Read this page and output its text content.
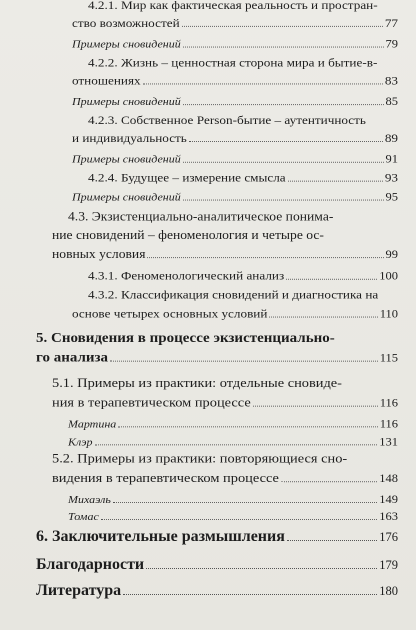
4.2.1. Мир как фактическая реальность и простран-
ство возможностей	77
Примеры сновидений	79
4.2.2. Жизнь – ценностная сторона мира и бытие-в-
отношениях	83
Примеры сновидений	85
4.2.3. Собственное Person-бытие – аутентичность
и индивидуальность	89
Примеры сновидений	91
4.2.4. Будущее – измерение смысла	93
Примеры сновидений	95
4.3. Экзистенциально-аналитическое понима-
ние сновидений – феноменология и четыре ос-
новных условия	99
4.3.1. Феноменологический анализ	100
4.3.2. Классификация сновидений и диагностика на
основе четырех основных условий	110
5. Сновидения в процессе экзистенциально-
го анализа	115
5.1. Примеры из практики: отдельные сновиде-
ния в терапевтическом процессе	116
Мартина	116
Клэр	131
5.2. Примеры из практики: повторяющиеся сно-
видения в терапевтическом процессе	148
Михаэль	149
Томас	163
6. Заключительные размышления	176
Благодарности	179
Литература	180
